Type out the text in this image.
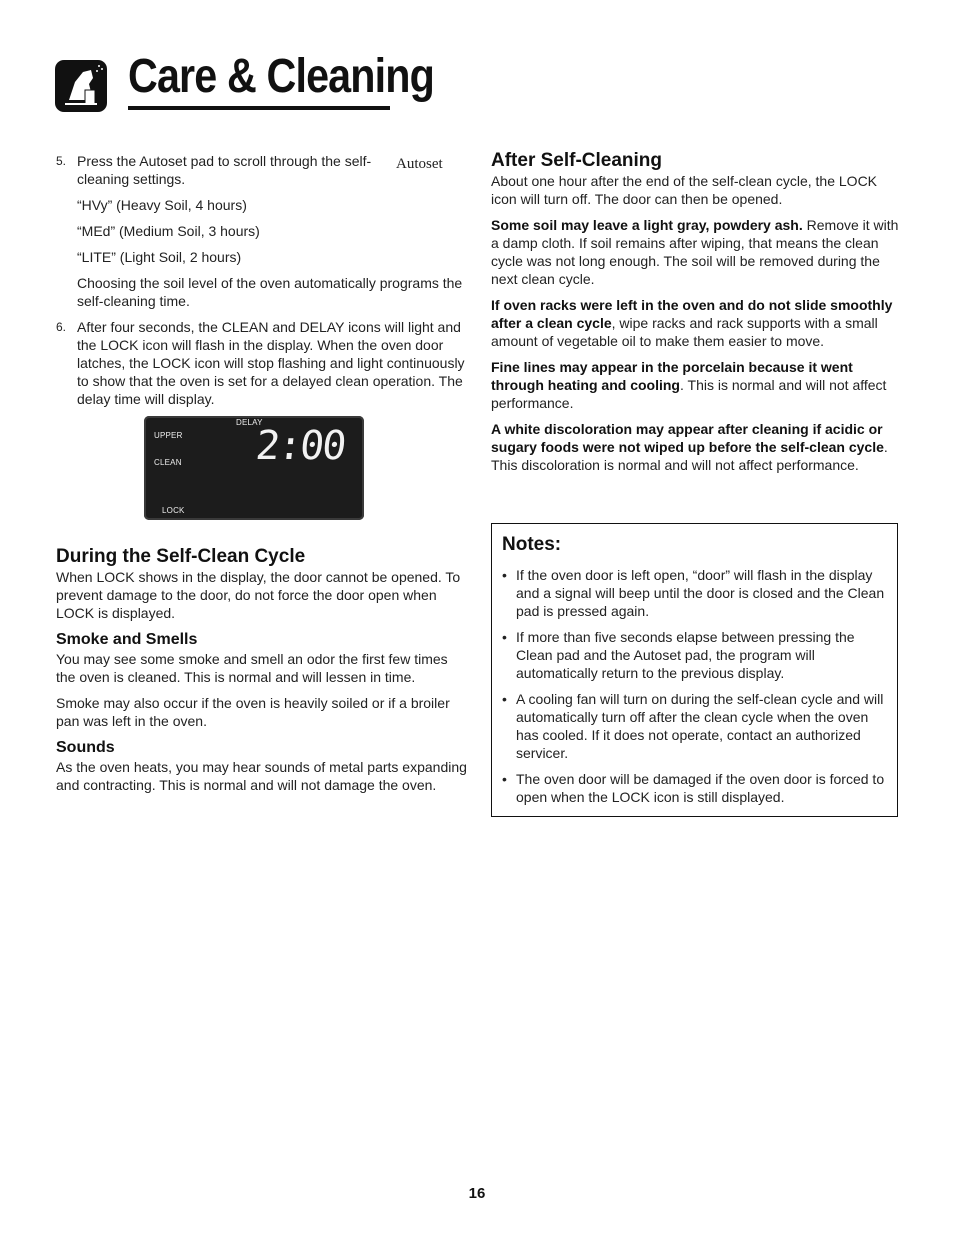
Care & Cleaning
Autoset
5. Press the Autoset pad to scroll through the self-cleaning settings.

“HVy” (Heavy Soil, 4 hours)

“MEd” (Medium Soil, 3 hours)

“LITE” (Light Soil, 2 hours)

Choosing the soil level of the oven automatically programs the self-cleaning time.

6. After four seconds, the CLEAN and DELAY icons will light and the LOCK icon will flash in the display. When the oven door latches, the LOCK icon will stop flashing and light continuously to show that the oven is set for a delayed clean operation. The delay time will display.
DELAY
UPPER
CLEAN
LOCK
2:00
During the Self-Clean Cycle

When LOCK shows in the display, the door cannot be opened. To prevent damage to the door, do not force the door open when LOCK is displayed.

Smoke and Smells

You may see some smoke and smell an odor the first few times the oven is cleaned. This is normal and will lessen in time.

Smoke may also occur if the oven is heavily soiled or if a broiler pan was left in the oven.

Sounds

As the oven heats, you may hear sounds of metal parts expanding and contracting. This is normal and will not damage the oven.

After Self-Cleaning

About one hour after the end of the self-clean cycle, the LOCK icon will turn off. The door can then be opened.

Some soil may leave a light gray, powdery ash. Remove it with a damp cloth. If soil remains after wiping, that means the clean cycle was not long enough. The soil will be removed during the next clean cycle.

If oven racks were left in the oven and do not slide smoothly after a clean cycle, wipe racks and rack supports with a small amount of vegetable oil to make them easier to move.

Fine lines may appear in the porcelain because it went through heating and cooling. This is normal and will not affect performance.

A white discoloration may appear after cleaning if acidic or sugary foods were not wiped up before the self-clean cycle. This discoloration is normal and will not affect performance.

Notes:
• If the oven door is left open, “door” will flash in the display and a signal will beep until the door is closed and the Clean pad is pressed again.
• If more than five seconds elapse between pressing the Clean pad and the Autoset pad, the program will automatically return to the previous display.
• A cooling fan will turn on during the self-clean cycle and will automatically turn off after the clean cycle when the oven has cooled. If it does not operate, contact an authorized servicer.
• The oven door will be damaged if the oven door is forced to open when the LOCK icon is still displayed.
16
